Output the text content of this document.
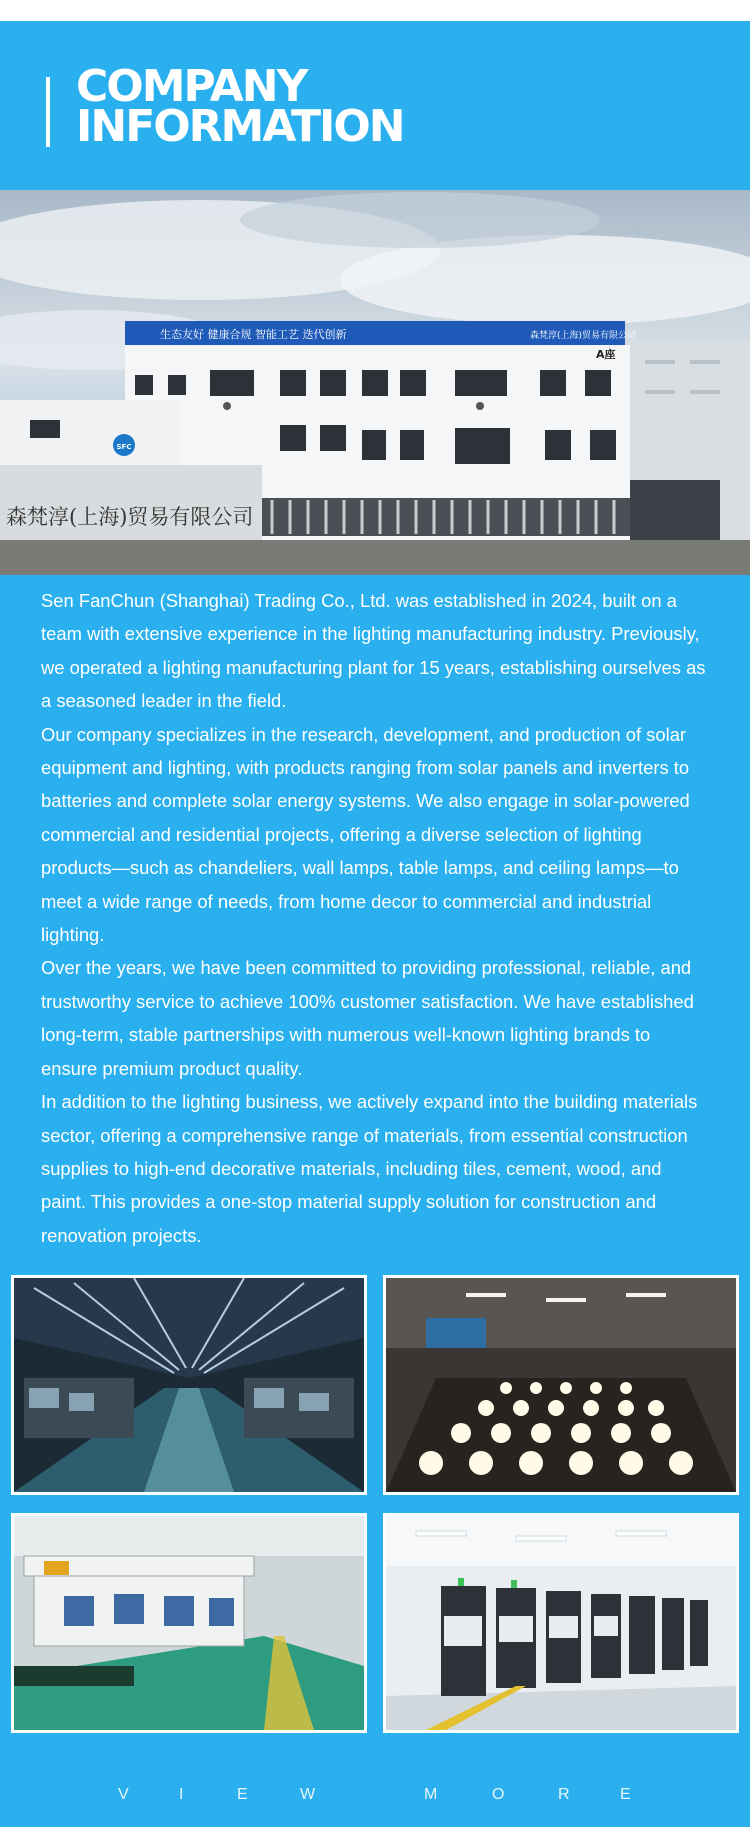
COMPANY
INFORMATION
生态友好 健康合规 智能工艺 迭代创新	森梵淳(上海)贸易有限公司
A座
SFC
森梵淳(上海)贸易有限公司

Sen FanChun (Shanghai) Trading Co., Ltd. was established in 2024, built on a team with extensive experience in the lighting manufacturing industry. Previously, we operated a lighting manufacturing plant for 15 years, establishing ourselves as a seasoned leader in the field.

Our company specializes in the research, development, and production of solar equipment and lighting, with products ranging from solar panels and inverters to batteries and complete solar energy systems. We also engage in solar-powered commercial and residential projects, offering a diverse selection of lighting products—such as chandeliers, wall lamps, table lamps, and ceiling lamps—to meet a wide range of needs, from home decor to commercial and industrial lighting.

Over the years, we have been committed to providing professional, reliable, and trustworthy service to achieve 100% customer satisfaction. We have established long-term, stable partnerships with numerous well-known lighting brands to ensure premium product quality.

In addition to the lighting business, we actively expand into the building materials sector, offering a comprehensive range of materials, from essential construction supplies to high-end decorative materials, including tiles, cement, wood, and paint. This provides a one-stop material supply solution for construction and renovation projects.

V	I	E	W	M	O	R	E
